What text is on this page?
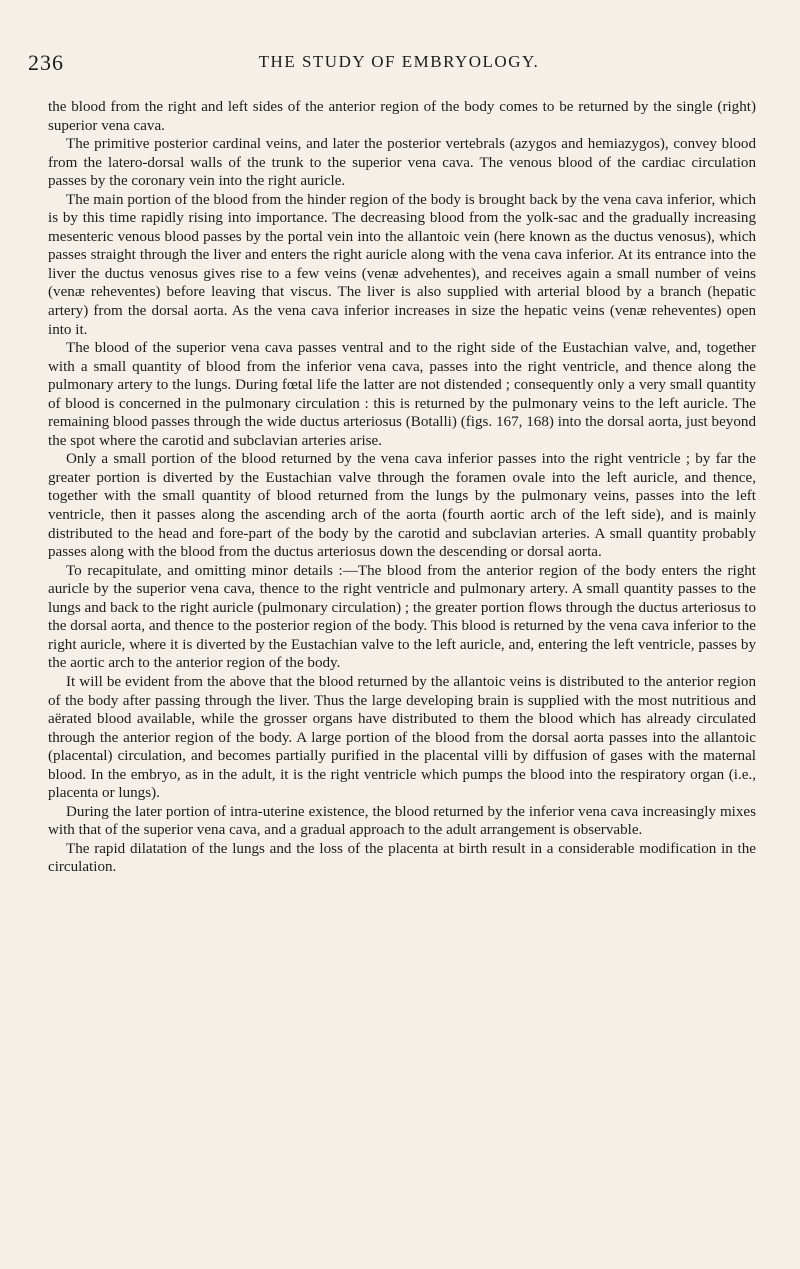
236	THE STUDY OF EMBRYOLOGY.

the blood from the right and left sides of the anterior region of the body comes to be returned by the single (right) superior vena cava.

The primitive posterior cardinal veins, and later the posterior vertebrals (azygos and hemiazygos), convey blood from the latero-dorsal walls of the trunk to the superior vena cava. The venous blood of the cardiac circulation passes by the coronary vein into the right auricle.

The main portion of the blood from the hinder region of the body is brought back by the vena cava inferior, which is by this time rapidly rising into importance. The decreasing blood from the yolk-sac and the gradually increasing mesenteric venous blood passes by the portal vein into the allantoic vein (here known as the ductus venosus), which passes straight through the liver and enters the right auricle along with the vena cava inferior. At its entrance into the liver the ductus venosus gives rise to a few veins (venæ advehentes), and receives again a small number of veins (venæ reheventes) before leaving that viscus. The liver is also supplied with arterial blood by a branch (hepatic artery) from the dorsal aorta. As the vena cava inferior increases in size the hepatic veins (venæ reheventes) open into it.

The blood of the superior vena cava passes ventral and to the right side of the Eustachian valve, and, together with a small quantity of blood from the inferior vena cava, passes into the right ventricle, and thence along the pulmonary artery to the lungs. During fœtal life the latter are not distended ; consequently only a very small quantity of blood is concerned in the pulmonary circulation : this is returned by the pulmonary veins to the left auricle. The remaining blood passes through the wide ductus arteriosus (Botalli) (figs. 167, 168) into the dorsal aorta, just beyond the spot where the carotid and subclavian arteries arise.

Only a small portion of the blood returned by the vena cava inferior passes into the right ventricle ; by far the greater portion is diverted by the Eustachian valve through the foramen ovale into the left auricle, and thence, together with the small quantity of blood returned from the lungs by the pulmonary veins, passes into the left ventricle, then it passes along the ascending arch of the aorta (fourth aortic arch of the left side), and is mainly distributed to the head and fore-part of the body by the carotid and subclavian arteries. A small quantity probably passes along with the blood from the ductus arteriosus down the descending or dorsal aorta.

To recapitulate, and omitting minor details :—The blood from the anterior region of the body enters the right auricle by the superior vena cava, thence to the right ventricle and pulmonary artery. A small quantity passes to the lungs and back to the right auricle (pulmonary circulation) ; the greater portion flows through the ductus arteriosus to the dorsal aorta, and thence to the posterior region of the body. This blood is returned by the vena cava inferior to the right auricle, where it is diverted by the Eustachian valve to the left auricle, and, entering the left ventricle, passes by the aortic arch to the anterior region of the body.

It will be evident from the above that the blood returned by the allantoic veins is distributed to the anterior region of the body after passing through the liver. Thus the large developing brain is supplied with the most nutritious and aërated blood available, while the grosser organs have distributed to them the blood which has already circulated through the anterior region of the body. A large portion of the blood from the dorsal aorta passes into the allantoic (placental) circulation, and becomes partially purified in the placental villi by diffusion of gases with the maternal blood. In the embryo, as in the adult, it is the right ventricle which pumps the blood into the respiratory organ (i.e., placenta or lungs).

During the later portion of intra-uterine existence, the blood returned by the inferior vena cava increasingly mixes with that of the superior vena cava, and a gradual approach to the adult arrangement is observable.

The rapid dilatation of the lungs and the loss of the placenta at birth result in a considerable modification in the circulation.
